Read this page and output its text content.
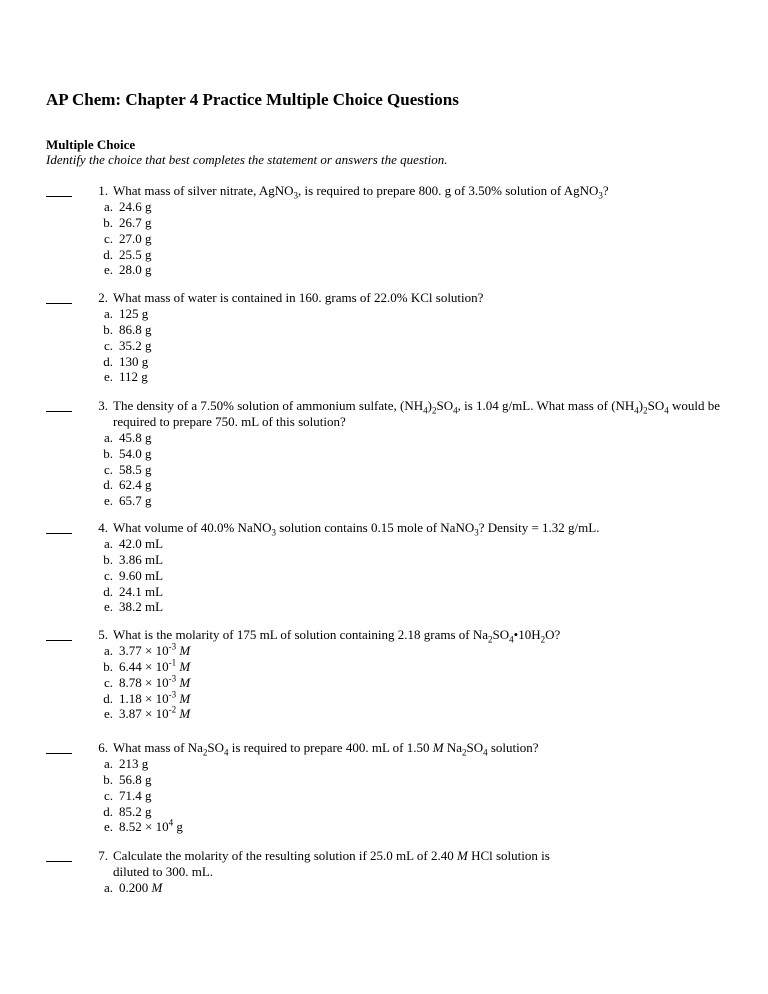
AP Chem: Chapter 4 Practice Multiple Choice Questions
Multiple Choice
Identify the choice that best completes the statement or answers the question.
1. What mass of silver nitrate, AgNO$_3$, is required to prepare 800. g of 3.50% solution of AgNO$_3$?
a. 24.6 g
b. 26.7 g
c. 27.0 g
d. 25.5 g
e. 28.0 g
2. What mass of water is contained in 160. grams of 22.0% KCl solution?
a. 125 g
b. 86.8 g
c. 35.2 g
d. 130 g
e. 112 g
3. The density of a 7.50% solution of ammonium sulfate, $(NH_4)_2SO_4$, is 1.04 g/mL. What mass of $(NH_4)_2SO_4$ would be required to prepare 750. mL of this solution?
a. 45.8 g
b. 54.0 g
c. 58.5 g
d. 62.4 g
e. 65.7 g
4. What volume of 40.0% NaNO$_3$ solution contains 0.15 mole of NaNO$_3$? Density = 1.32 g/mL.
a. 42.0 mL
b. 3.86 mL
c. 9.60 mL
d. 24.1 mL
e. 38.2 mL
5. What is the molarity of 175 mL of solution containing 2.18 grams of $Na_2SO_4•10H_2O$?
a. $3.77 \times 10^{-3}$ M
b. $6.44 \times 10^{-1}$ M
c. $8.78 \times 10^{-3}$ M
d. $1.18 \times 10^{-3}$ M
e. $3.87 \times 10^{-2}$ M
6. What mass of $Na_2SO_4$ is required to prepare 400. mL of 1.50 M $Na_2SO_4$ solution?
a. 213 g
b. 56.8 g
c. 71.4 g
d. 85.2 g
e. $8.52 \times 10^4$ g
7. Calculate the molarity of the resulting solution if 25.0 mL of 2.40 M HCl solution is
diluted to 300. mL.
a. 0.200 M
